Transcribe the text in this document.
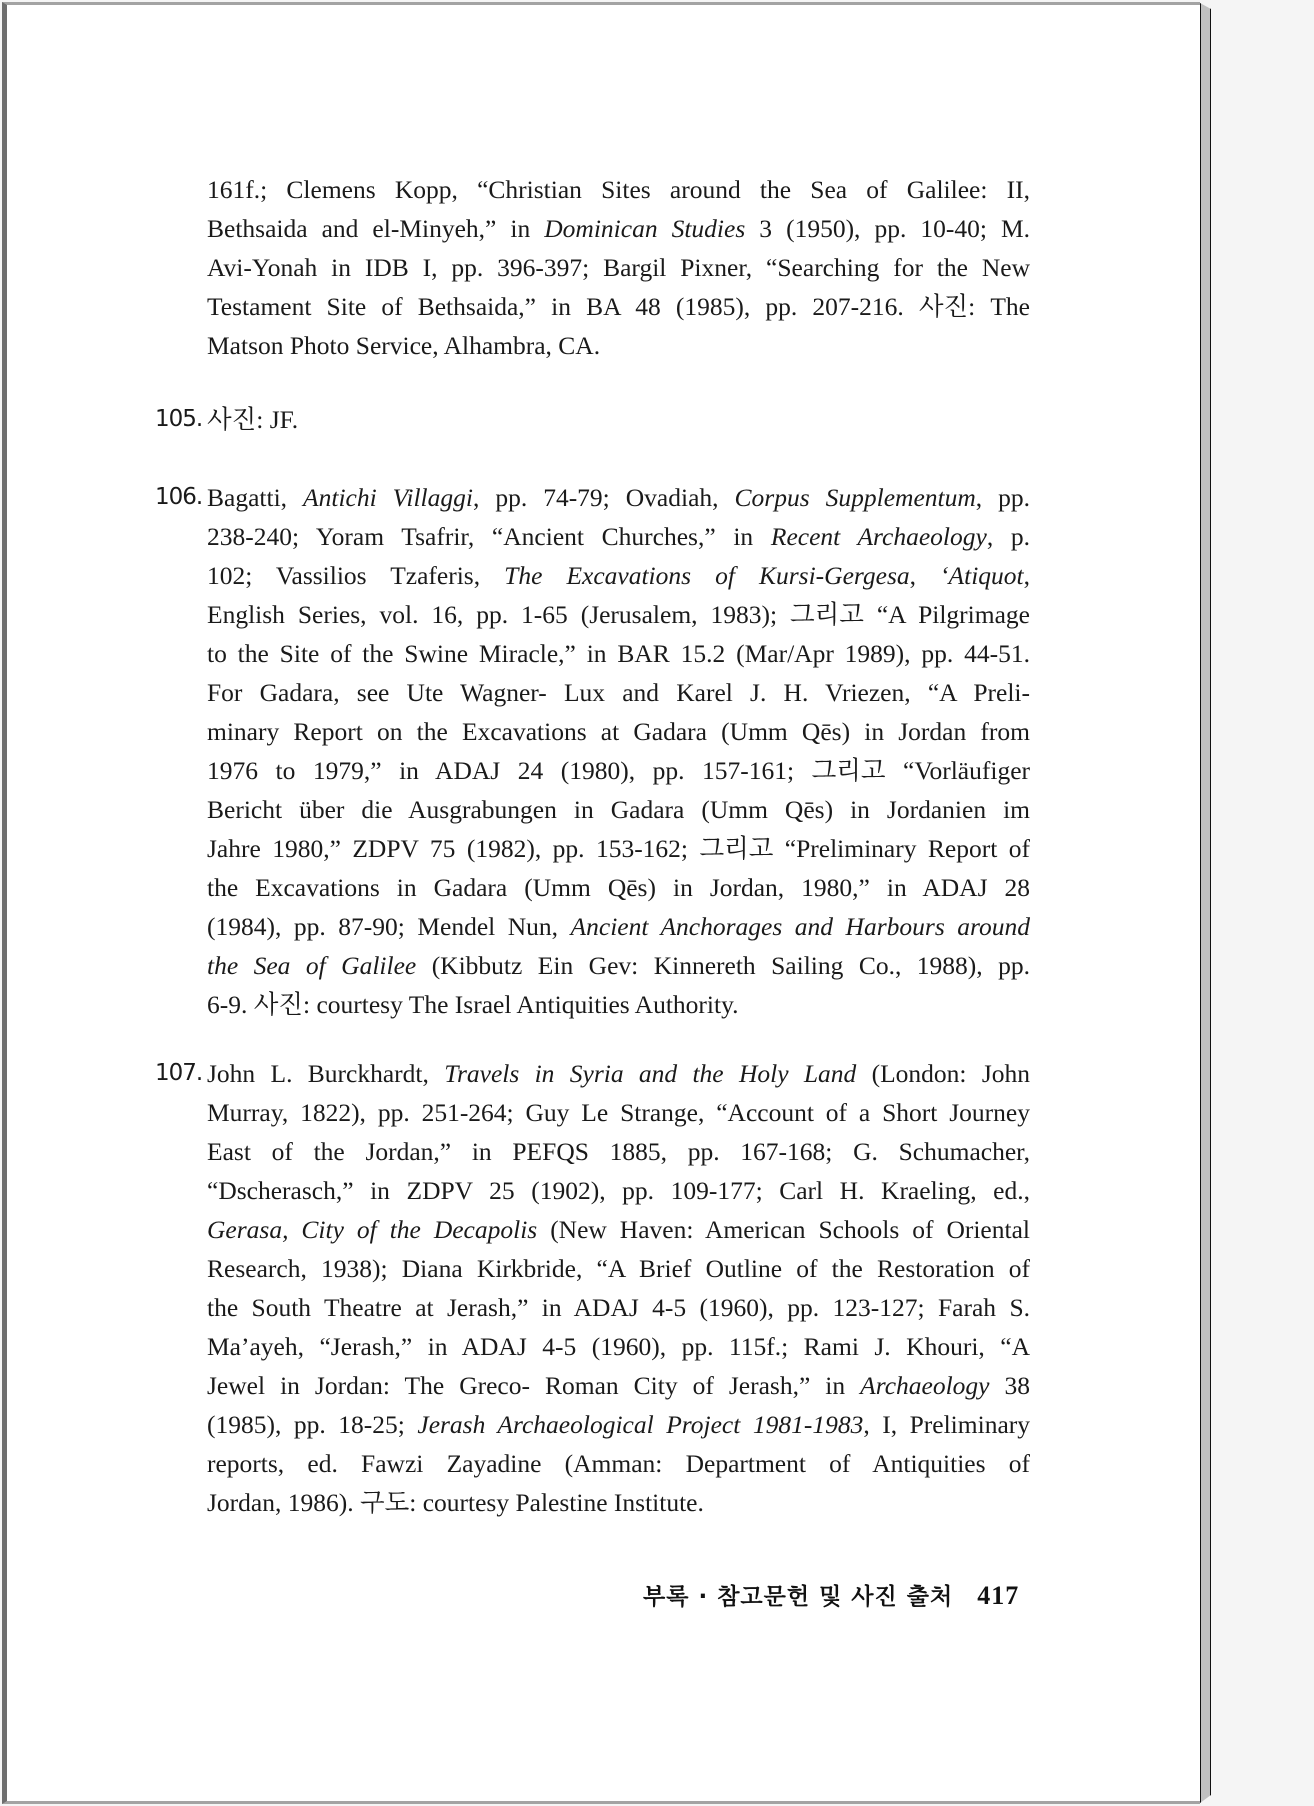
161f.; Clemens Kopp, “Christian Sites around the Sea of Galilee: II,
Bethsaida and el-Minyeh,” in Dominican Studies 3 (1950), pp. 10-40; M.
Avi-Yonah in IDB I, pp. 396-397; Bargil Pixner, “Searching for the New
Testament Site of Bethsaida,” in BA 48 (1985), pp. 207-216. 사진: The
Matson Photo Service, Alhambra, CA.
105. 사진: JF.
106. Bagatti, Antichi Villaggi, pp. 74-79; Ovadiah, Corpus Supplementum, pp.
238-240; Yoram Tsafrir, “Ancient Churches,” in Recent Archaeology, p.
102; Vassilios Tzaferis, The Excavations of Kursi-Gergesa, ‘Atiquot,
English Series, vol. 16, pp. 1-65 (Jerusalem, 1983); 그리고 “A Pilgrimage
to the Site of the Swine Miracle,” in BAR 15.2 (Mar/Apr 1989), pp. 44-51.
For Gadara, see Ute Wagner- Lux and Karel J. H. Vriezen, “A Preli-
minary Report on the Excavations at Gadara (Umm Qēs) in Jordan from
1976 to 1979,” in ADAJ 24 (1980), pp. 157-161; 그리고 “Vorläufiger
Bericht über die Ausgrabungen in Gadara (Umm Qēs) in Jordanien im
Jahre 1980,” ZDPV 75 (1982), pp. 153-162; 그리고 “Preliminary Report of
the Excavations in Gadara (Umm Qēs) in Jordan, 1980,” in ADAJ 28
(1984), pp. 87-90; Mendel Nun, Ancient Anchorages and Harbours around
the Sea of Galilee (Kibbutz Ein Gev: Kinnereth Sailing Co., 1988), pp.
6-9. 사진: courtesy The Israel Antiquities Authority.
107. John L. Burckhardt, Travels in Syria and the Holy Land (London: John
Murray, 1822), pp. 251-264; Guy Le Strange, “Account of a Short Journey
East of the Jordan,” in PEFQS 1885, pp. 167-168; G. Schumacher,
“Dscherasch,” in ZDPV 25 (1902), pp. 109-177; Carl H. Kraeling, ed.,
Gerasa, City of the Decapolis (New Haven: American Schools of Oriental
Research, 1938); Diana Kirkbride, “A Brief Outline of the Restoration of
the South Theatre at Jerash,” in ADAJ 4-5 (1960), pp. 123-127; Farah S.
Ma’ayeh, “Jerash,” in ADAJ 4-5 (1960), pp. 115f.; Rami J. Khouri, “A
Jewel in Jordan: The Greco- Roman City of Jerash,” in Archaeology 38
(1985), pp. 18-25; Jerash Archaeological Project 1981-1983, I, Preliminary
reports, ed. Fawzi Zayadine (Amman: Department of Antiquities of
Jordan, 1986). 구도: courtesy Palestine Institute.
부록 · 참고문헌 및 사진 출처 417
